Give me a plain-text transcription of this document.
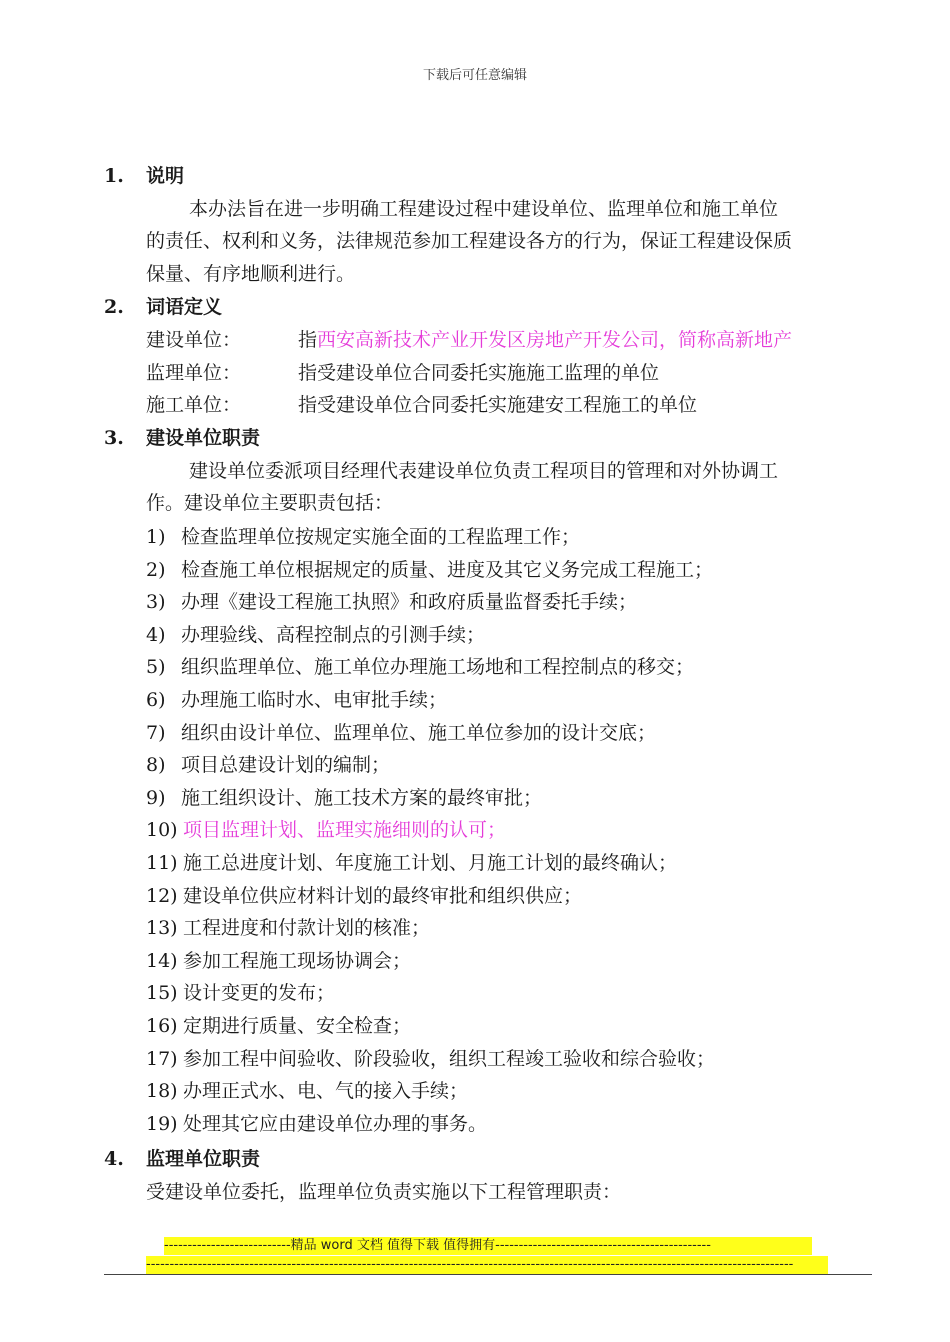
下载后可任意编辑
1. 说明
本办法旨在进一步明确工程建设过程中建设单位、监理单位和施工单位
的责任、权利和义务，法律规范参加工程建设各方的行为，保证工程建设保质
保量、有序地顺利进行。
2. 词语定义
建设单位：	指西安高新技术产业开发区房地产开发公司，简称高新地产
监理单位：	指受建设单位合同委托实施施工监理的单位
施工单位：	指受建设单位合同委托实施建安工程施工的单位
3. 建设单位职责
建设单位委派项目经理代表建设单位负责工程项目的管理和对外协调工
作。建设单位主要职责包括：
1) 检查监理单位按规定实施全面的工程监理工作；
2) 检查施工单位根据规定的质量、进度及其它义务完成工程施工；
3) 办理《建设工程施工执照》和政府质量监督委托手续；
4) 办理验线、高程控制点的引测手续；
5) 组织监理单位、施工单位办理施工场地和工程控制点的移交；
6) 办理施工临时水、电审批手续；
7) 组织由设计单位、监理单位、施工单位参加的设计交底；
8) 项目总建设计划的编制；
9) 施工组织设计、施工技术方案的最终审批；
10) 项目监理计划、监理实施细则的认可；
11) 施工总进度计划、年度施工计划、月施工计划的最终确认；
12) 建设单位供应材料计划的最终审批和组织供应；
13) 工程进度和付款计划的核准；
14) 参加工程施工现场协调会；
15) 设计变更的发布；
16) 定期进行质量、安全检查；
17) 参加工程中间验收、阶段验收，组织工程竣工验收和综合验收；
18) 办理正式水、电、气的接入手续；
19) 处理其它应由建设单位办理的事务。
4. 监理单位职责
受建设单位委托，监理单位负责实施以下工程管理职责：
---------------------------精品 word 文档 值得下载 值得拥有----------------------------------------------
------------------------------------------------------------------------------------------------------------------------------------------
